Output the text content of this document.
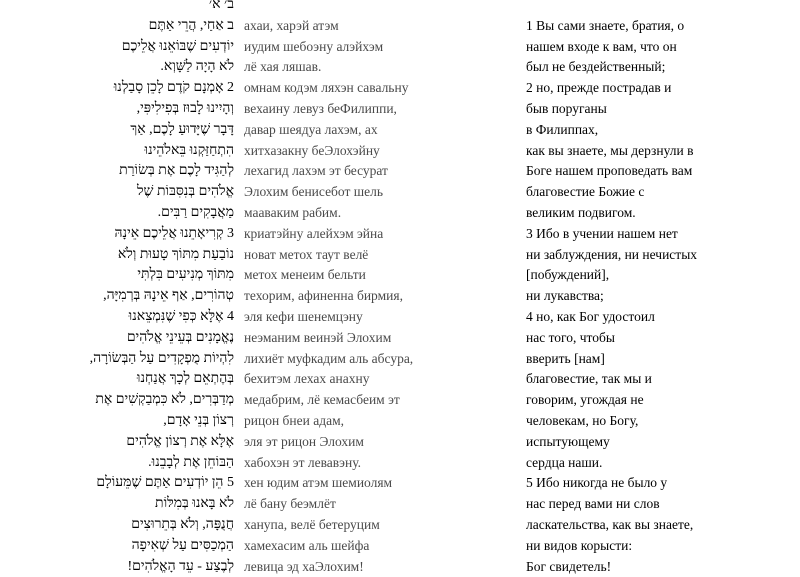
ב׳ א׳
ב אַחַי, הֲרֵי אַתֶּם
יוֹדְעִים שֶׁבּוֹאֵנוּ אֲלֵיכֶם
לֹא הָיָה לַשָּׁוְא.
2 אָמְנָם קֹדֶם לָכֵן סָבַלְנוּ
וְהָיִינוּ לָבוּז בְּפִילִיפִּי,
דָּבָר שֶׁיָּדוּעַ לָכֶם, אַךְ
הִתְחַזַּקְנוּ בֵּאלֹהֵינוּ
לְהַגִּיד לָכֶם אֶת בְּשׂוֹרַת
אֱלֹהִים בְּנִסִּבּוֹת שֶׁל
מַאֲבָקִים רַבִּים.
3 קְרִיאָתֵנוּ אֲלֵיכֶם אֵינָהּ
נוֹבַעַת מִתּוֹךְ טָעוּת וְלֹא
מִתּוֹךְ מְנִיעִים בִּלְתִּי
טְהוֹרִים, אַף אֵינָהּ בְּרְמִיָּה,
4 אֶלָּא כְּפִי שֶׁנִּמְצֵאנוּ
נֶאֱמָנִים בְּעֵינֵי אֱלֹהִים
לִהְיוֹת מֻפְקָדִים עַל הַבְּשׂוֹרָה,
בְּהֶתְאֵם לְכָךְ אֲנַחְנוּ
מְדַבְּרִים, לֹא כִּמְבַקְשִׁים אֶת
רְצוֹן בְּנֵי אָדָם,
אֶלָּא אֶת רְצוֹן אֱלֹהִים
הַבּוֹחֵן אֶת לְבָבֵנוּ.
5 הֵן יוֹדְעִים אַתֶּם שֶׁמֵּעוֹלָם
לֹא בָּאנוּ בְּמִלּוֹת
חֲנֻפָּה, וְלֹא בְּתֵרוּצִים
הַמְכַסִּים עַל שְׁאִיפָה
לְבֶצַע - עֵד הָאֱלֹהִים!
ахаи, харэй атэм
иудим шебоэну алэйхэм
лё хая ляшав.
омнам кодэм ляхэн савальну
вехаину левуз беФилиппи,
давар шеядуа лахэм, ах
хитхазакну беЭлохэйну
лехагид лахэм эт бесурат
Элохим бенисебот шель
мааваким рабим.
криатэйну алейхэм эйна
новат метох таут велё
метох менеим бельти
техорим, афиненна бирмия,
эля кефи шенемцэну
неэманим веинэй Элохим
лихиёт муфкадим аль абсура,
бехитэм лехах анахну
медабрим, лё кемасбеим эт
рицон бнеи адам,
эля эт рицон Элохим
хабохэн эт левавэну.
хен юдим атэм шемиолям
лё бану беэмлёт
ханупа, велё бетеруцим
хамехасим аль шейфа
левица эд хаЭлохим!
1 Вы сами знаете, братия, о
нашем входе к вам, что он
был не бездейственный;
2 но, прежде пострадав и
быв поруганы
в Филиппах,
как вы знаете, мы дерзнули в
Боге нашем проповедать вам
благовестие Божие с
великим подвигом.
3 Ибо в учении нашем нет
ни заблуждения, ни нечистых
[побуждений],
ни лукавства;
4 но, как Бог удостоил
нас того, чтобы
вверить [нам]
благовестие, так мы и
говорим, угождая не
человекам, но Богу,
испытующему
сердца наши.
5 Ибо никогда не было у
нас перед вами ни слов
ласкательства, как вы знаете,
ни видов корысти:
Бог свидетель!
